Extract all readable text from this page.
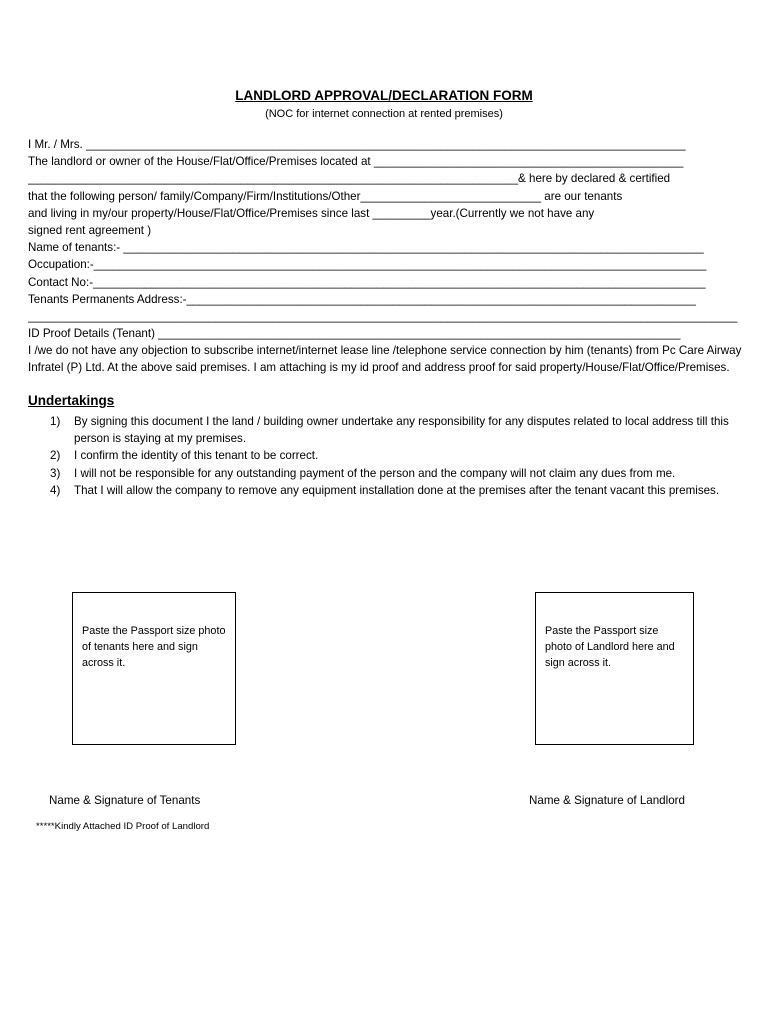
LANDLORD APPROVAL/DECLARATION FORM
(NOC for internet connection at rented premises)
I Mr. / Mrs. _____________________________________________________________________________________________
The landlord or owner of the House/Flat/Office/Premises located at ________________________________________________
____________________________________________________________________________& here by declared & certified
that the following person/ family/Company/Firm/Institutions/Other____________________________ are our tenants
and living in my/our property/House/Flat/Office/Premises since last _________year.(Currently we not have any
signed rent agreement )
Name of tenants:- __________________________________________________________________________________________
Occupation:-_______________________________________________________________________________________________
Contact No:-_______________________________________________________________________________________________
Tenants Permanents Address:-_______________________________________________________________________________
______________________________________________________________________________________________________________
ID Proof Details (Tenant) _________________________________________________________________________________
I /we do not have any objection to subscribe internet/internet lease line /telephone service connection by him (tenants) from Pc Care Airway Infratel (P) Ltd. At the above said premises. I am attaching is my id proof and address proof for said property/House/Flat/Office/Premises.
Undertakings
1)	By signing this document I the land / building owner undertake any responsibility for any disputes related to local address till this person is staying at my premises.
2)	I confirm the identity of this tenant to be correct.
3)	I will not be responsible for any outstanding payment of the person and the company will not claim any dues from me.
4)	That I will allow the company to remove any equipment installation done at the premises after the tenant vacant this premises.
Paste the Passport size photo of tenants here and sign across it.
Paste the Passport size photo of Landlord here and sign across it.
Name & Signature of Tenants	Name & Signature of Landlord
*****Kindly Attached ID Proof of Landlord
